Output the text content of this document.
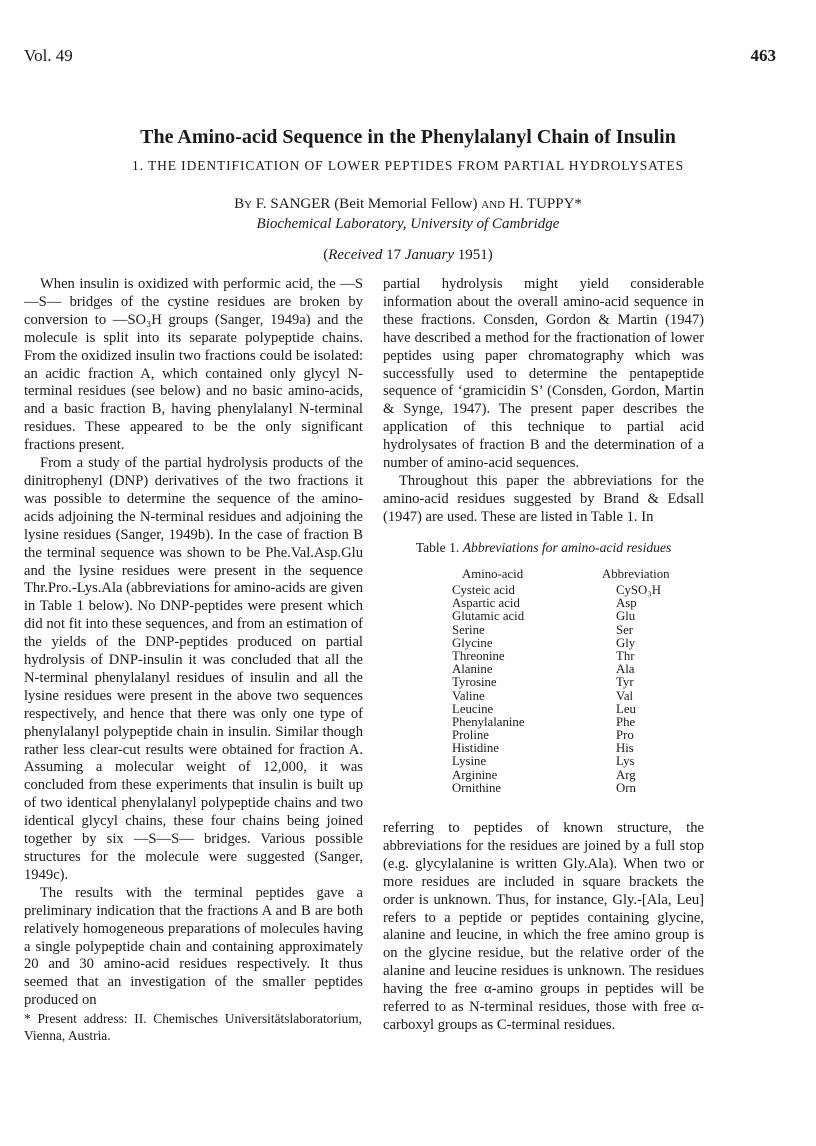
Vol. 49	463
The Amino-acid Sequence in the Phenylalanyl Chain of Insulin
1. THE IDENTIFICATION OF LOWER PEPTIDES FROM PARTIAL HYDROLYSATES
By F. SANGER (Beit Memorial Fellow) and H. TUPPY*
Biochemical Laboratory, University of Cambridge
(Received 17 January 1951)

When insulin is oxidized with performic acid, the —S—S— bridges of the cystine residues are broken by conversion to —SO₃H groups (Sanger, 1949a) and the molecule is split into its separate polypeptide chains. From the oxidized insulin two fractions could be isolated: an acidic fraction A, which contained only glycyl N-terminal residues (see below) and no basic amino-acids, and a basic fraction B, having phenylalanyl N-terminal residues. These appeared to be the only significant fractions present.

From a study of the partial hydrolysis products of the dinitrophenyl (DNP) derivatives of the two fractions it was possible to determine the sequence of the amino-acids adjoining the N-terminal residues and adjoining the lysine residues (Sanger, 1949b). In the case of fraction B the terminal sequence was shown to be Phe.Val.Asp.Glu and the lysine residues were present in the sequence Thr.Pro.-Lys.Ala (abbreviations for amino-acids are given in Table 1 below). No DNP-peptides were present which did not fit into these sequences, and from an estimation of the yields of the DNP-peptides produced on partial hydrolysis of DNP-insulin it was concluded that all the N-terminal phenylalanyl residues of insulin and all the lysine residues were present in the above two sequences respectively, and hence that there was only one type of phenylalanyl polypeptide chain in insulin. Similar though rather less clear-cut results were obtained for fraction A. Assuming a molecular weight of 12,000, it was concluded from these experiments that insulin is built up of two identical phenylalanyl polypeptide chains and two identical glycyl chains, these four chains being joined together by six —S—S— bridges. Various possible structures for the molecule were suggested (Sanger, 1949c).

The results with the terminal peptides gave a preliminary indication that the fractions A and B are both relatively homogeneous preparations of molecules having a single polypeptide chain and containing approximately 20 and 30 amino-acid residues respectively. It thus seemed that an investigation of the smaller peptides produced on

* Present address: II. Chemisches Universitätslaboratorium, Vienna, Austria.

partial hydrolysis might yield considerable information about the overall amino-acid sequence in these fractions. Consden, Gordon & Martin (1947) have described a method for the fractionation of lower peptides using paper chromatography which was successfully used to determine the pentapeptide sequence of ‘gramicidin S’ (Consden, Gordon, Martin & Synge, 1947). The present paper describes the application of this technique to partial acid hydrolysates of fraction B and the determination of a number of amino-acid sequences.

Throughout this paper the abbreviations for the amino-acid residues suggested by Brand & Edsall (1947) are used. These are listed in Table 1. In

Table 1. Abbreviations for amino-acid residues
Amino-acid
Cysteic acid
Aspartic acid
Glutamic acid
Serine
Glycine
Threonine
Alanine
Tyrosine
Valine
Leucine
Phenylalanine
Proline
Histidine
Lysine
Arginine
Ornithine
Abbreviation
CySO₃H
Asp
Glu
Ser
Gly
Thr
Ala
Tyr
Val
Leu
Phe
Pro
His
Lys
Arg
Orn

referring to peptides of known structure, the abbreviations for the residues are joined by a full stop (e.g. glycylalanine is written Gly.Ala). When two or more residues are included in square brackets the order is unknown. Thus, for instance, Gly.-[Ala, Leu] refers to a peptide or peptides containing glycine, alanine and leucine, in which the free amino group is on the glycine residue, but the relative order of the alanine and leucine residues is unknown. The residues having the free α-amino groups in peptides will be referred to as N-terminal residues, those with free α-carboxyl groups as C-terminal residues.
